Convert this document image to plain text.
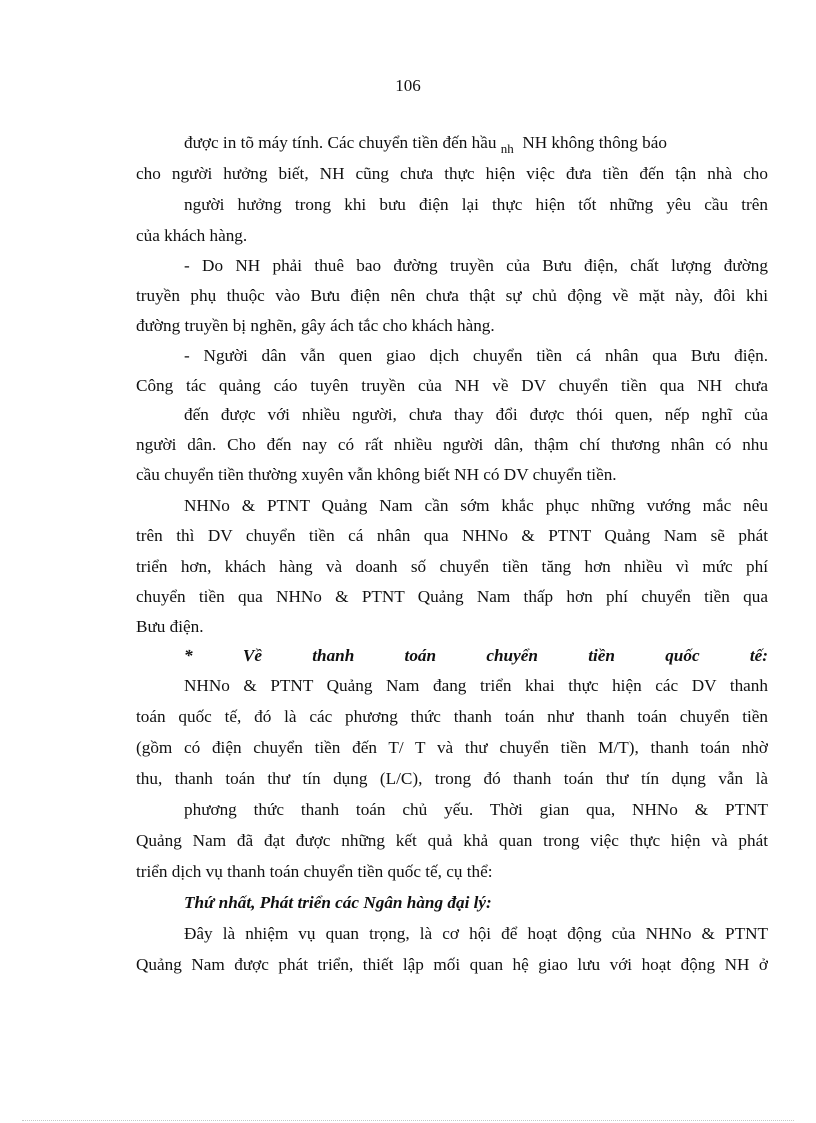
106
được in tõ máy tính. Các chuyển tiền đến hầu $_{nh}$ NH không thông báo
cho người hưởng biết, NH cũng chưa thực hiện việc đưa tiền đến tận nhà cho
người hưởng trong khi bưu điện lại thực hiện tốt những yêu cầu trên
của khách hàng.
- Do NH phải thuê bao đường truyền của Bưu điện, chất lượng đường
truyền phụ thuộc vào Bưu điện nên chưa thật sự chủ động về mặt này, đôi khi
đường truyền bị nghẽn, gây ách tắc cho khách hàng.
- Người dân vẫn quen giao dịch chuyển tiền cá nhân qua Bưu điện.
Công tác quảng cáo tuyên truyền của NH về DV chuyển tiền qua NH chưa
đến được với nhiều người, chưa thay đổi được thói quen, nếp nghĩ của
người dân. Cho đến nay có rất nhiều người dân, thậm chí thương nhân có nhu
cầu chuyển tiền thường xuyên vẫn không biết NH có DV chuyển tiền.
NHNo & PTNT Quảng Nam cần sớm khắc phục những vướng mắc nêu
trên thì DV chuyển tiền cá nhân qua NHNo & PTNT Quảng Nam sẽ phát
triển hơn, khách hàng và doanh số chuyển tiền tăng hơn nhiều vì mức phí
chuyển tiền qua NHNo & PTNT Quảng Nam thấp hơn phí chuyển tiền qua
Bưu điện.
* Về thanh toán chuyển tiền quốc tế:
NHNo & PTNT Quảng Nam đang triển khai thực hiện các DV thanh
toán quốc tế, đó là các phương thức thanh toán như thanh toán chuyển tiền
(gồm có điện chuyển tiền đến T/ T và thư chuyển tiền M/T), thanh toán nhờ
thu, thanh toán thư tín dụng (L/C), trong đó thanh toán thư tín dụng vẫn là
phương thức thanh toán chủ yếu. Thời gian qua, NHNo & PTNT
Quảng Nam đã đạt được những kết quả khả quan trong việc thực hiện và phát
triển dịch vụ thanh toán chuyển tiền quốc tế, cụ thể:
Thứ nhất, Phát triển các Ngân hàng đại lý:
Đây là nhiệm vụ quan trọng, là cơ hội để hoạt động của NHNo & PTNT
Quảng Nam được phát triển, thiết lập mối quan hệ giao lưu với hoạt động NH ở
